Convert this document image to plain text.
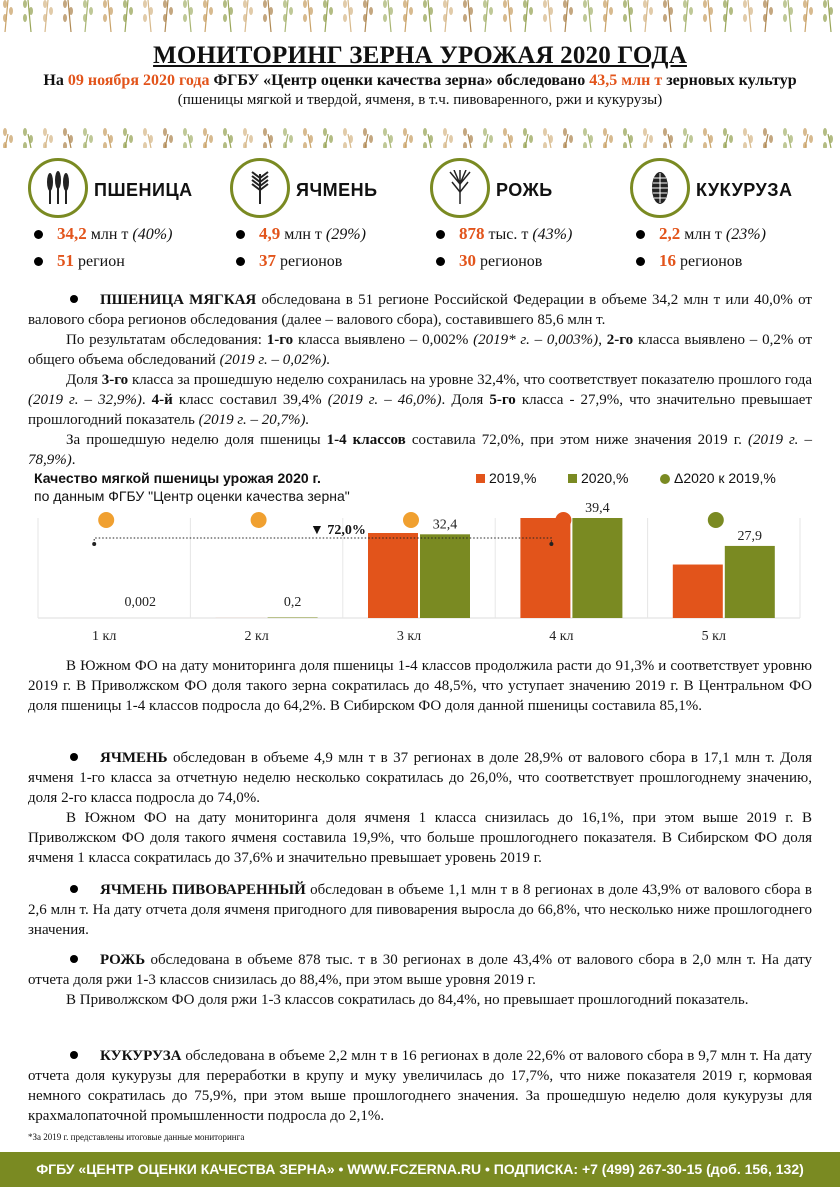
МОНИТОРИНГ ЗЕРНА УРОЖАЯ 2020 ГОДА
На 09 ноября 2020 года ФГБУ «Центр оценки качества зерна» обследовано 43,5 млн т зерновых культур
(пшеницы мягкой и твердой, ячменя, в т.ч. пивоваренного, ржи и кукурузы)
ПШЕНИЦА
34,2 млн т (40%)
51 регион
ЯЧМЕНЬ
4,9 млн т (29%)
37 регионов
РОЖЬ
878 тыс. т (43%)
30 регионов
КУКУРУЗА
2,2 млн т (23%)
16 регионов

ПШЕНИЦА МЯГКАЯ обследована в 51 регионе Российской Федерации в объеме 34,2 млн т или 40,0% от валового сбора регионов обследования (далее – валового сбора), составившего 85,6 млн т.

По результатам обследования: 1-го класса выявлено – 0,002% (2019* г. – 0,003%), 2-го класса выявлено – 0,2% от общего объема обследований (2019 г. – 0,02%).

Доля 3-го класса за прошедшую неделю сохранилась на уровне 32,4%, что соответствует показателю прошлого года (2019 г. – 32,9%). 4-й класс составил 39,4% (2019 г. – 46,0%). Доля 5-го класса - 27,9%, что значительно превышает прошлогодний показатель (2019 г. – 20,7%).

За прошедшую неделю доля пшеницы 1-4 классов составила 72,0%, при этом ниже значения 2019 г. (2019 г. – 78,9%).

Качество мягкой пшеницы урожая 2020 г.
по данным ФГБУ "Центр оценки качества зерна"
2019,%	2020,%	Δ2020 к 2019,%
0,002
1 кл
0,2
2 кл
32,4
3 кл
39,4
4 кл
27,9
5 кл
▼ 72,0%

В Южном ФО на дату мониторинга доля пшеницы 1-4 классов продолжила расти до 91,3% и соответствует уровню 2019 г. В Приволжском ФО доля такого зерна сократилась до 48,5%, что уступает значению 2019 г. В Центральном ФО доля пшеницы 1-4 классов подросла до 64,2%. В Сибирском ФО доля данной пшеницы составила 85,1%.

ЯЧМЕНЬ обследован в объеме 4,9 млн т в 37 регионах в доле 28,9% от валового сбора в 17,1 млн т. Доля ячменя 1-го класса за отчетную неделю несколько сократилась до 26,0%, что соответствует прошлогоднему значению, доля 2-го класса подросла до 74,0%.

В Южном ФО на дату мониторинга доля ячменя 1 класса снизилась до 16,1%, при этом выше 2019 г. В Приволжском ФО доля такого ячменя составила 19,9%, что больше прошлогоднего показателя. В Сибирском ФО доля ячменя 1 класса сократилась до 37,6% и значительно превышает уровень 2019 г.

ЯЧМЕНЬ ПИВОВАРЕННЫЙ обследован в объеме 1,1 млн т в 8 регионах в доле 43,9% от валового сбора в 2,6 млн т. На дату отчета доля ячменя пригодного для пивоварения выросла до 66,8%, что несколько ниже прошлогоднего значения.

РОЖЬ обследована в объеме 878 тыс. т в 30 регионах в доле 43,4% от валового сбора в 2,0 млн т. На дату отчета доля ржи 1-3 классов снизилась до 88,4%, при этом выше уровня 2019 г.

В Приволжском ФО доля ржи 1-3 классов сократилась до 84,4%, но превышает прошлогодний показатель.

КУКУРУЗА обследована в объеме 2,2 млн т в 16 регионах в доле 22,6% от валового сбора в 9,7 млн т. На дату отчета доля кукурузы для переработки в крупу и муку увеличилась до 17,7%, что ниже показателя 2019 г, кормовая немного сократилась до 75,9%, при этом выше прошлогоднего значения. За прошедшую неделю доля кукурузы для крахмалопаточной промышленности подросла до 2,1%.

*За 2019 г. представлены итоговые данные мониторинга
ФГБУ «ЦЕНТР ОЦЕНКИ КАЧЕСТВА ЗЕРНА» • WWW.FCZERNA.RU • ПОДПИСКА: +7 (499) 267-30-15 (доб. 156, 132)
